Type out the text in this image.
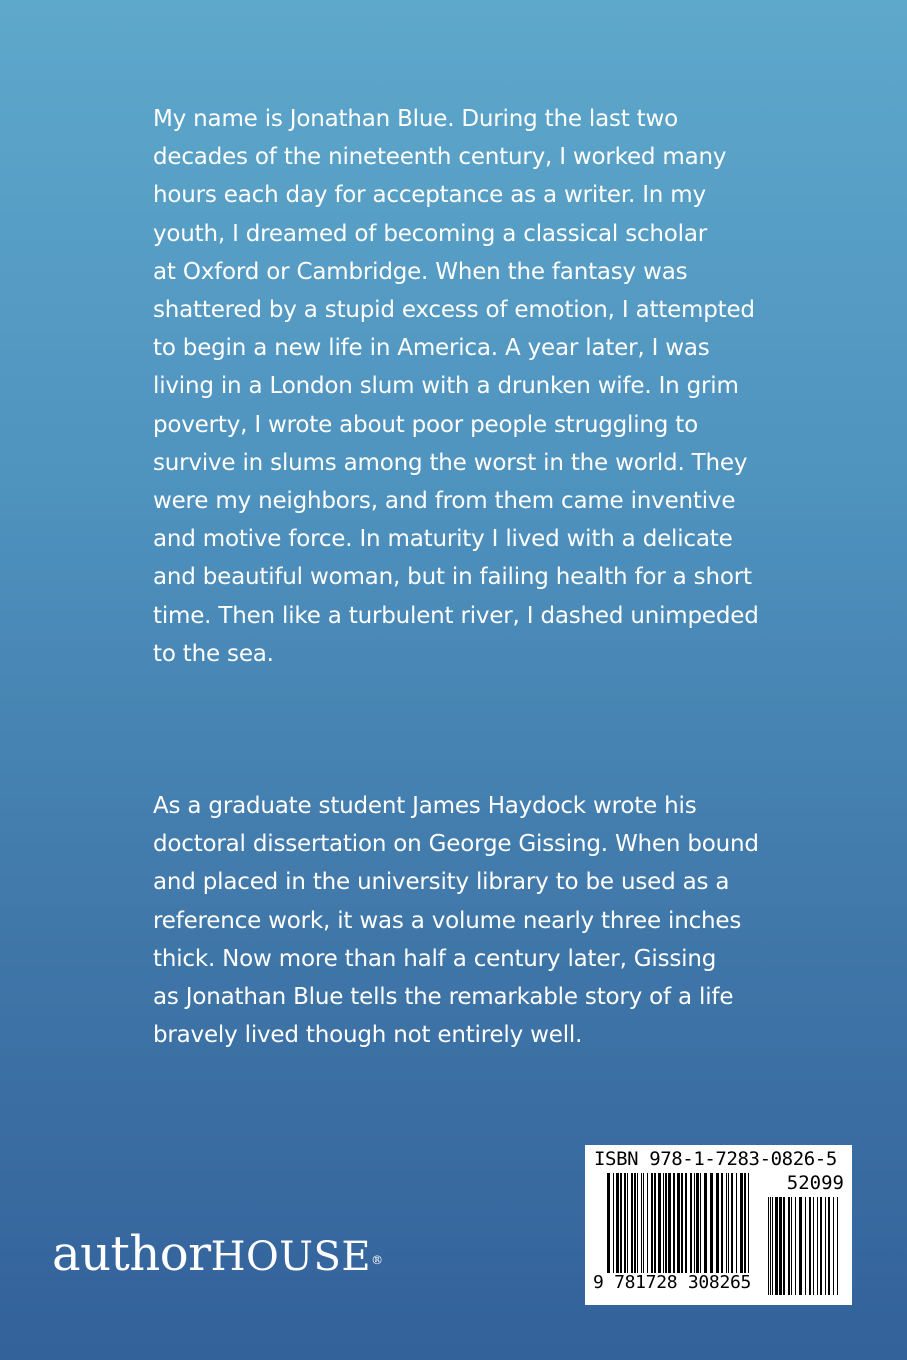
My name is Jonathan Blue. During the last two
decades of the nineteenth century, I worked many
hours each day for acceptance as a writer. In my
youth, I dreamed of becoming a classical scholar
at Oxford or Cambridge. When the fantasy was
shattered by a stupid excess of emotion, I attempted
to begin a new life in America. A year later, I was
living in a London slum with a drunken wife. In grim
poverty, I wrote about poor people struggling to
survive in slums among the worst in the world. They
were my neighbors, and from them came inventive
and motive force. In maturity I lived with a delicate
and beautiful woman, but in failing health for a short
time. Then like a turbulent river, I dashed unimpeded
to the sea.

As a graduate student James Haydock wrote his
doctoral dissertation on George Gissing. When bound
and placed in the university library to be used as a
reference work, it was a volume nearly three inches
thick. Now more than half a century later, Gissing
as Jonathan Blue tells the remarkable story of a life
bravely lived though not entirely well.

authorHOUSE®
ISBN 978-1-7283-0826-5
52099
9 781728 308265
